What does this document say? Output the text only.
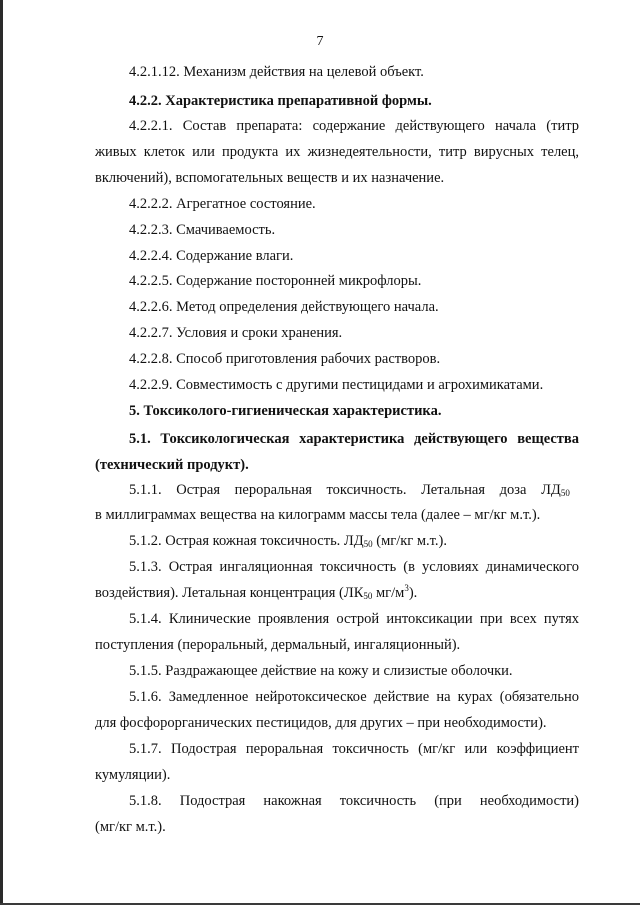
7
4.2.1.12. Механизм действия на целевой объект.
4.2.2. Характеристика препаративной формы.
4.2.2.1. Состав препарата: содержание действующего начала (титр
живых клеток или продукта их жизнедеятельности, титр вирусных телец,
включений), вспомогательных веществ и их назначение.
4.2.2.2. Агрегатное состояние.
4.2.2.3. Смачиваемость.
4.2.2.4. Содержание влаги.
4.2.2.5. Содержание посторонней микрофлоры.
4.2.2.6. Метод определения действующего начала.
4.2.2.7. Условия и сроки хранения.
4.2.2.8. Способ приготовления рабочих растворов.
4.2.2.9. Совместимость с другими пестицидами и агрохимикатами.
5. Токсиколого-гигиеническая характеристика.
5.1. Токсикологическая характеристика действующего вещества
(технический продукт).
5.1.1. Острая пероральная токсичность. Летальная доза $ЛД_{50}$
в миллиграммах вещества на килограмм массы тела (далее – мг/кг м.т.).
5.1.2. Острая кожная токсичность. $ЛД_{50}$ (мг/кг м.т.).
5.1.3. Острая ингаляционная токсичность (в условиях динамического
воздействия). Летальная концентрация ($ЛК_{50}$ $мг/м^3$).
5.1.4. Клинические проявления острой интоксикации при всех путях
поступления (пероральный, дермальный, ингаляционный).
5.1.5. Раздражающее действие на кожу и слизистые оболочки.
5.1.6. Замедленное нейротоксическое действие на курах (обязательно
для фосфорорганических пестицидов, для других – при необходимости).
5.1.7. Подострая пероральная токсичность (мг/кг или коэффициент
кумуляции).
5.1.8. Подострая накожная токсичность (при необходимости)
(мг/кг м.т.).
